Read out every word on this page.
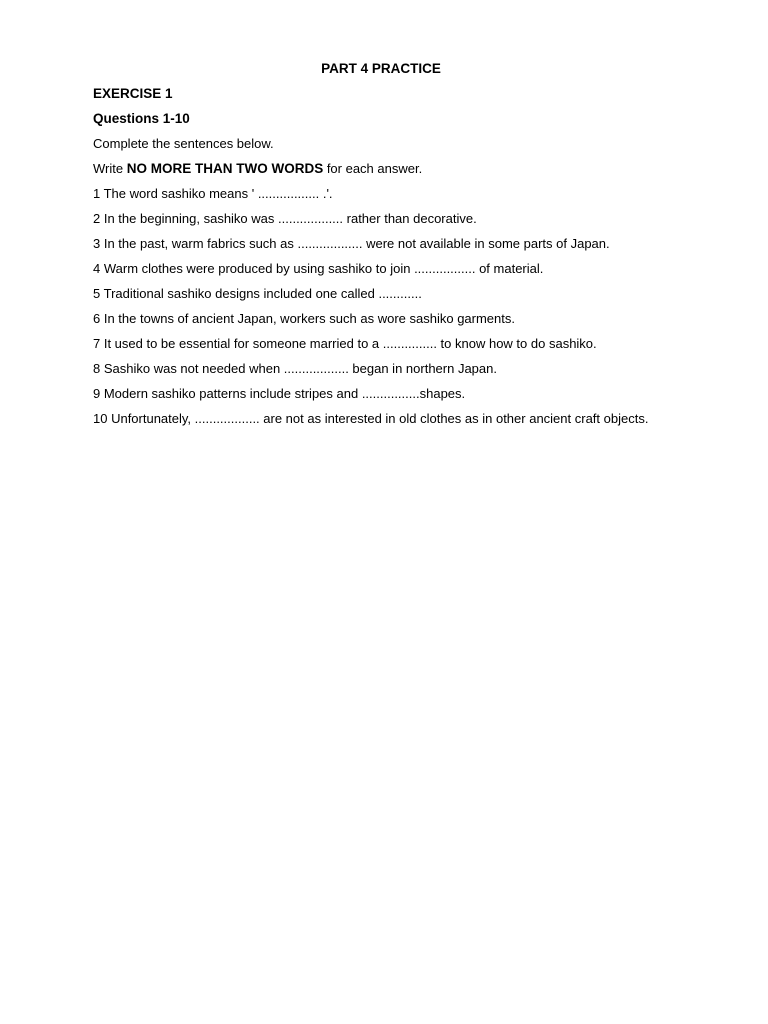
PART 4 PRACTICE
EXERCISE 1
Questions 1-10
Complete the sentences below.
Write NO MORE THAN TWO WORDS for each answer.
1 The word sashiko means ' ................. .'.
2 In the beginning, sashiko was .................. rather than decorative.
3 In the past, warm fabrics such as .................. were not available in some parts of Japan.
4 Warm clothes were produced by using sashiko to join ................. of material.
5 Traditional sashiko designs included one called ............
6 In the towns of ancient Japan, workers such as wore sashiko garments.
7 It used to be essential for someone married to a ............... to know how to do sashiko.
8 Sashiko was not needed when .................. began in northern Japan.
9 Modern sashiko patterns include stripes and ................shapes.
10 Unfortunately, .................. are not as interested in old clothes as in other ancient craft objects.
